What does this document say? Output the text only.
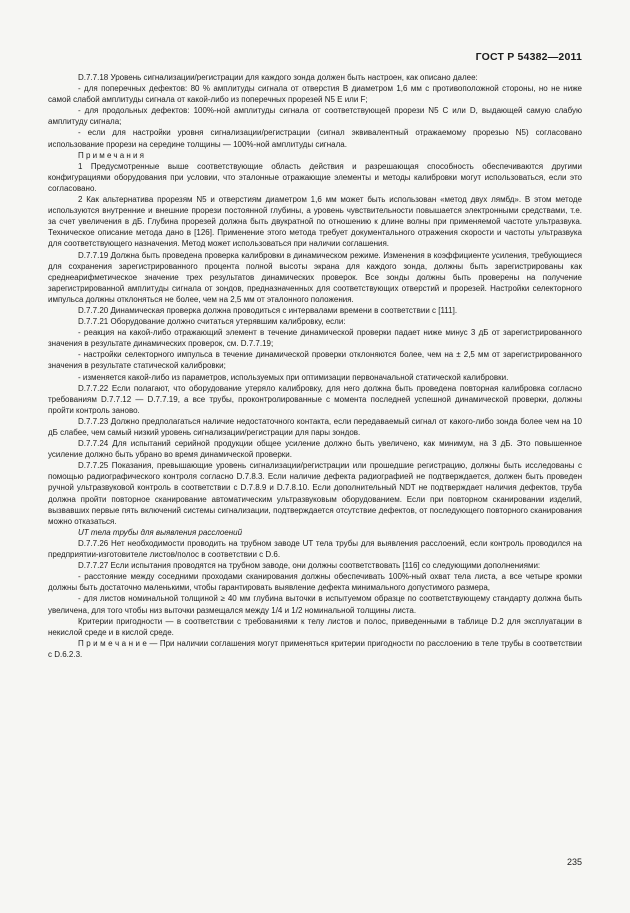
ГОСТ Р 54382—2011

D.7.7.18 Уровень сигнализации/регистрации для каждого зонда должен быть настроен, как описано далее:

- для поперечных дефектов: 80 % амплитуды сигнала от отверстия В диаметром 1,6 мм с противоположной стороны, но не ниже самой слабой амплитуды сигнала от какой-либо из поперечных прорезей N5 Е или F;

- для продольных дефектов: 100%-ной амплитуды сигнала от соответствующей прорези N5 С или D, выдающей самую слабую амплитуду сигнала;

- если для настройки уровня сигнализации/регистрации (сигнал эквивалентный отражаемому прорезью N5) согласовано использование прорези на середине толщины — 100%-ной амплитуды сигнала.

Примечания

1 Предусмотренные выше соответствующие область действия и разрешающая способность обеспечиваются другими конфигурациями оборудования при условии, что эталонные отражающие элементы и методы калибровки могут использоваться, если это согласовано.

2 Как альтернатива прорезям N5 и отверстиям диаметром 1,6 мм может быть использован «метод двух лямбд». В этом методе используются внутренние и внешние прорези постоянной глубины, а уровень чувствительности повышается электронными средствами, т.е. за счет увеличения в дБ. Глубина прорезей должна быть двукратной по отношению к длине волны при применяемой частоте ультразвука. Техническое описание метода дано в [126]. Применение этого метода требует документального отражения скорости и частоты ультразвука для соответствующего назначения. Метод может использоваться при наличии соглашения.

D.7.7.19 Должна быть проведена проверка калибровки в динамическом режиме. Изменения в коэффициенте усиления, требующиеся для сохранения зарегистрированного процента полной высоты экрана для каждого зонда, должны быть зарегистрированы как среднеарифметическое значение трех результатов динамических проверок. Все зонды должны быть проверены на получение зарегистрированной амплитуды сигнала от зондов, предназначенных для соответствующих отверстий и прорезей. Настройки селекторного импульса должны отклоняться не более, чем на 2,5 мм от эталонного положения.

D.7.7.20 Динамическая проверка должна проводиться с интервалами времени в соответствии с [111].

D.7.7.21 Оборудование должно считаться утерявшим калибровку, если:

- реакция на какой-либо отражающий элемент в течение динамической проверки падает ниже минус 3 дБ от зарегистрированного значения в результате динамических проверок, см. D.7.7.19;

- настройки селекторного импульса в течение динамической проверки отклоняются более, чем на ± 2,5 мм от зарегистрированного значения в результате статической калибровки;

- изменяется какой-либо из параметров, используемых при оптимизации первоначальной статической калибровки.

D.7.7.22 Если полагают, что оборудование утеряло калибровку, для него должна быть проведена повторная калибровка согласно требованиям D.7.7.12 — D.7.7.19, а все трубы, проконтролированные с момента последней успешной динамической проверки, должны пройти контроль заново.

D.7.7.23 Должно предполагаться наличие недостаточного контакта, если передаваемый сигнал от какого-либо зонда более чем на 10 дБ слабее, чем самый низкий уровень сигнализации/регистрации для пары зондов.

D.7.7.24 Для испытаний серийной продукции общее усиление должно быть увеличено, как минимум, на 3 дБ. Это повышенное усиление должно быть убрано во время динамической проверки.

D.7.7.25 Показания, превышающие уровень сигнализации/регистрации или прошедшие регистрацию, должны быть исследованы с помощью радиографического контроля согласно D.7.8.3. Если наличие дефекта радиографией не подтверждается, должен быть проведен ручной ультразвуковой контроль в соответствии с D.7.8.9 и D.7.8.10. Если дополнительный NDT не подтверждает наличия дефектов, труба должна пройти повторное сканирование автоматическим ультразвуковым оборудованием. Если при повторном сканировании изделий, вызвавших первые пять включений системы сигнализации, подтверждается отсутствие дефектов, от последующего повторного сканирования можно отказаться.

UT тела трубы для выявления расслоений

D.7.7.26 Нет необходимости проводить на трубном заводе UT тела трубы для выявления расслоений, если контроль проводился на предприятии-изготовителе листов/полос в соответствии с D.6.

D.7.7.27 Если испытания проводятся на трубном заводе, они должны соответствовать [116] со следующими дополнениями:

- расстояние между соседними проходами сканирования должны обеспечивать 100%-ный охват тела листа, а все четыре кромки должны быть достаточно маленькими, чтобы гарантировать выявление дефекта минимального допустимого размера,

- для листов номинальной толщиной ≥ 40 мм глубина выточки в испытуемом образце по соответствующему стандарту должна быть увеличена, для того чтобы низ выточки размещался между 1/4 и 1/2 номинальной толщины листа.

Критерии пригодности — в соответствии с требованиями к телу листов и полос, приведенными в таблице D.2 для эксплуатации в некислой среде и в кислой среде.

П р и м е ч а н и е — При наличии соглашения могут применяться критерии пригодности по расслоению в теле трубы в соответствии с D.6.2.3.

235
